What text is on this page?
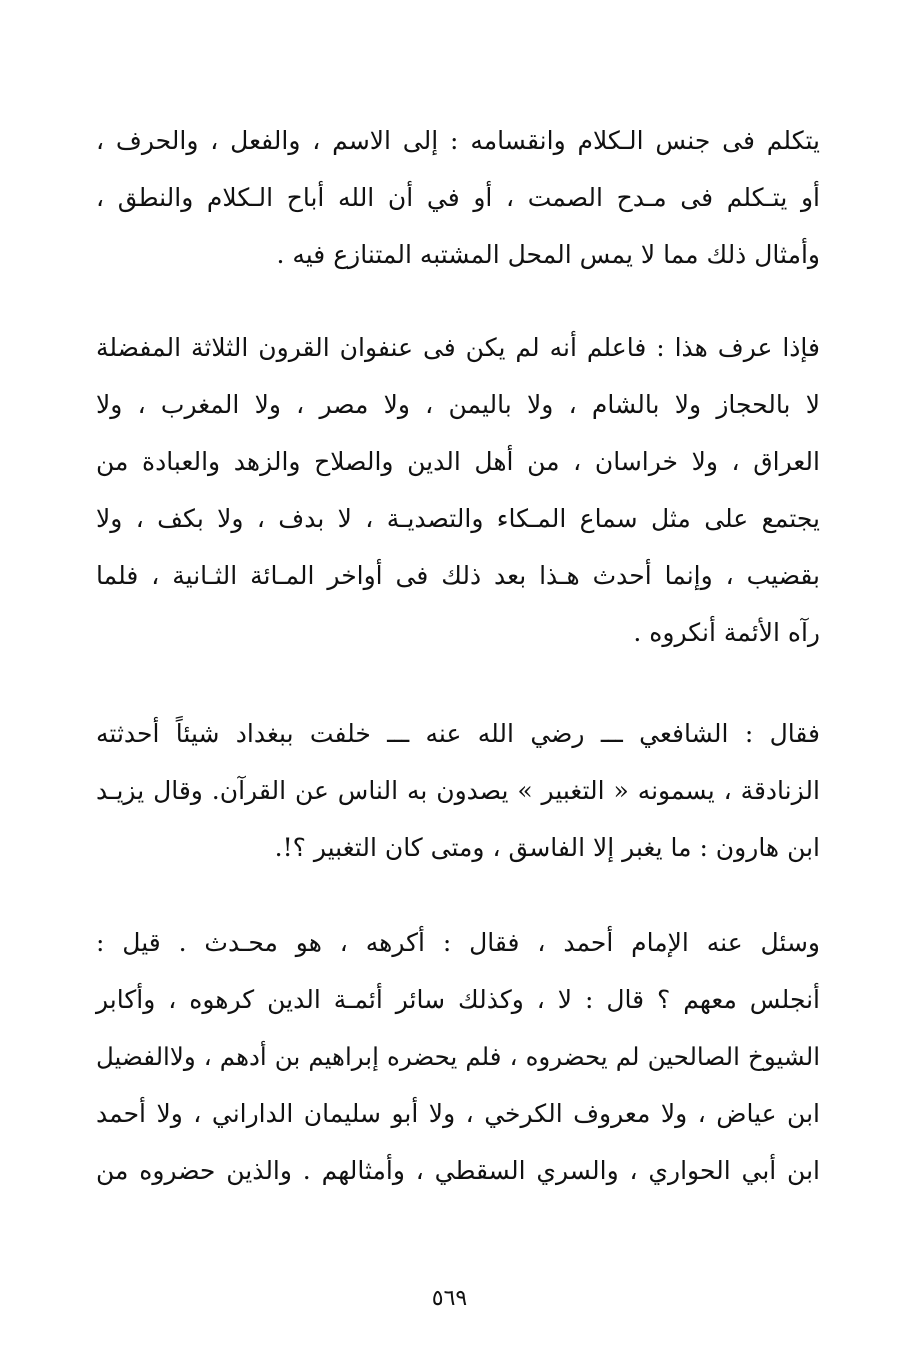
يتكلم فى جنس الـكلام وانقسامه : إلى الاسم ، والفعل ، والحرف ،
أو يتـكلم فى مـدح الصمت ، أو في أن الله أباح الـكلام والنطق ،
وأمثال ذلك مما لا يمس المحل المشتبه المتنازع فيه .
فإذا عرف هذا : فاعلم أنه لم يكن فى عنفوان القرون الثلاثة المفضلة
لا بالحجاز ولا بالشام ، ولا باليمن ، ولا مصر ، ولا المغرب ، ولا
العراق ، ولا خراسان ، من أهل الدين والصلاح والزهد والعبادة من
يجتمع على مثل سماع المـكاء والتصديـة ، لا بدف ، ولا بكف ، ولا
بقضيب ، وإنما أحدث هـذا بعد ذلك فى أواخر المـائة الثـانية ، فلما
رآه الأئمة أنكروه .
فقال : الشافعي ـــ رضي الله عنه ـــ خلفت ببغداد شيئاً أحدثته
الزنادقة ، يسمونه « التغبير » يصدون به الناس عن القرآن. وقال يزيـد
ابن هارون : ما يغبر إلا الفاسق ، ومتى كان التغبير ؟!.
وسئل عنه الإمام أحمد ، فقال : أكرهه ، هو محـدث . قيل :
أنجلس معهم ؟ قال : لا ، وكذلك سائر أئمـة الدين كرهوه ، وأكابر
الشيوخ الصالحين لم يحضروه ، فلم يحضره إبراهيم بن أدهم ، ولاالفضيل
ابن عياض ، ولا معروف الكرخي ، ولا أبو سليمان الداراني ، ولا أحمد
ابن أبي الحواري ، والسري السقطي ، وأمثالهم . والذين حضروه من
٥٦٩
